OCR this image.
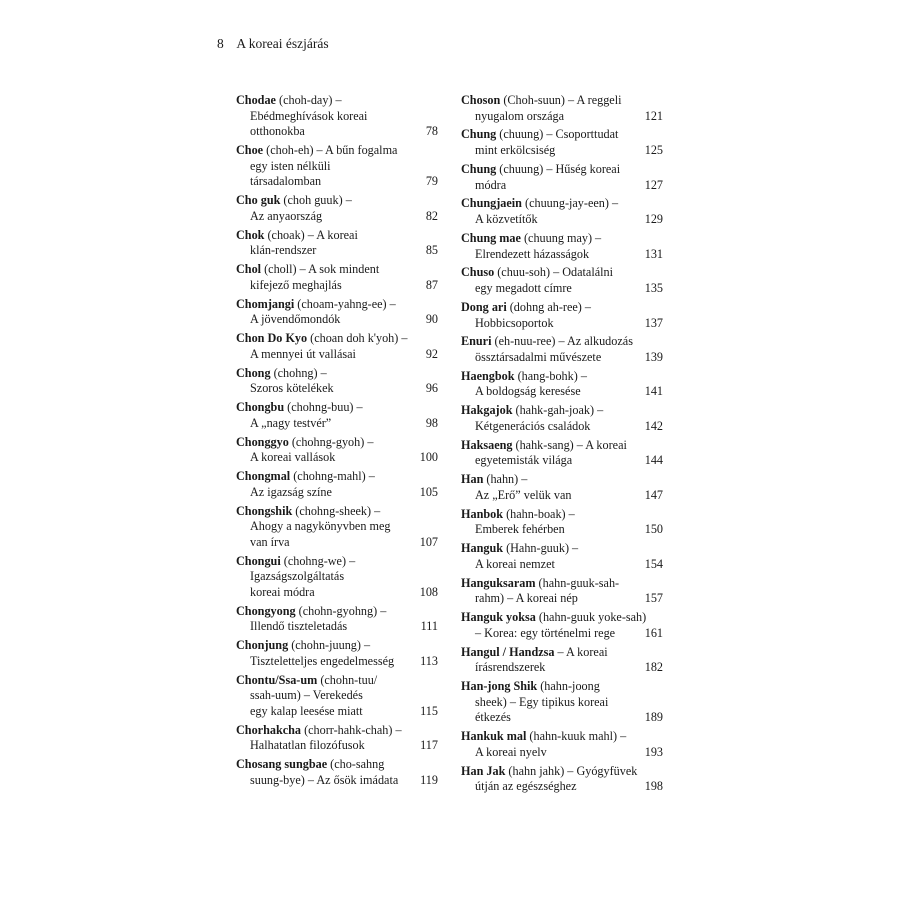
8 A koreai észjárás
Chodae (choh-day) –
Ebédmeghívások koreai
otthonokba	78
Choe (choh-eh) – A bűn fogalma
egy isten nélküli
társadalomban	79
Cho guk (choh guuk) –
Az anyaország	82
Chok (choak) – A koreai
klán-rendszer	85
Chol (choll) – A sok mindent
kifejező meghajlás	87
Chomjangi (choam-yahng-ee) –
A jövendőmondók	90
Chon Do Kyo (choan doh k'yoh) –
A mennyei út vallásai	92
Chong (chohng) –
Szoros kötelékek	96
Chongbu (chohng-buu) –
A „nagy testvér”	98
Chonggyo (chohng-gyoh) –
A koreai vallások	100
Chongmal (chohng-mahl) –
Az igazság színe	105
Chongshik (chohng-sheek) –
Ahogy a nagykönyvben meg
van írva	107
Chongui (chohng-we) –
Igazságszolgáltatás
koreai módra	108
Chongyong (chohn-gyohng) –
Illendő tiszteletadás	111
Chonjung (chohn-juung) –
Tiszteletteljes engedelmesség	113
Chontu/Ssa-um (chohn-tuu/
ssah-uum) – Verekedés
egy kalap leesése miatt	115
Chorhakcha (chorr-hahk-chah) –
Halhatatlan filozófusok	117
Chosang sungbae (cho-sahng
suung-bye) – Az ősök imádata	119
Choson (Choh-suun) – A reggeli
nyugalom országa	121
Chung (chuung) – Csoporttudat
mint erkölcsiség	125
Chung (chuung) – Hűség koreai
módra	127
Chungjaein (chuung-jay-een) –
A közvetítők	129
Chung mae (chuung may) –
Elrendezett házasságok	131
Chuso (chuu-soh) – Odatalálni
egy megadott címre	135
Dong ari (dohng ah-ree) –
Hobbicsoportok	137
Enuri (eh-nuu-ree) – Az alkudozás
össztársadalmi művészete	139
Haengbok (hang-bohk) –
A boldogság keresése	141
Hakgajok (hahk-gah-joak) –
Kétgenerációs családok	142
Haksaeng (hahk-sang) – A koreai
egyetemisták világa	144
Han (hahn) –
Az „Erő” velük van	147
Hanbok (hahn-boak) –
Emberek fehérben	150
Hanguk (Hahn-guuk) –
A koreai nemzet	154
Hanguksaram (hahn-guuk-sah-
rahm) – A koreai nép	157
Hanguk yoksa (hahn-guuk yoke-sah)
– Korea: egy történelmi rege	161
Hangul / Handzsa – A koreai
írásrendszerek	182
Han-jong Shik (hahn-joong
sheek) – Egy tipikus koreai
étkezés	189
Hankuk mal (hahn-kuuk mahl) –
A koreai nyelv	193
Han Jak (hahn jahk) – Gyógyfüvek
útján az egészséghez	198
